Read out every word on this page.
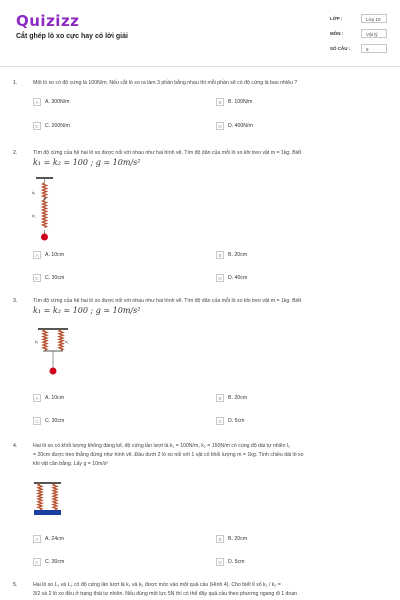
Quizizz
Cắt ghép lò xo cực hay có lời giải
LỚP :	Lớp 10
MÔN :	Vật lý
SỐ CÂU :	5
1.	Một lò xo có độ cứng là 100N/m. Nếu cắt lò xo ra làm 3 phần bằng nhau thì mỗi phần sẽ có độ cứng là bao nhiêu ?
A	A. 300N/m	B	B. 100N/m
C	C. 200N/m	D	D. 400N/m
2.	Tìm độ cứng của hệ hai lò xo được nối với nhau như hai hình vẽ. Tìm độ dãn của mỗi lò xo khi treo vật m = 1kg. Biết
k₁ = k₂ = 100 ; g = 10m/s²
k₁
k₂
A	A. 10cm	B	B. 20cm
C	C. 30cm	D	D. 40cm
3.	Tìm độ cứng của hệ hai lò xo được nối với nhau như hai hình vẽ. Tìm độ dãn của mỗi lò xo khi treo vật m = 1kg. Biết
k₁ = k₂ = 100 ; g = 10m/s²
k₁	k₂
A	A. 10cm	B	B. 20cm
C	C. 30cm	D	D. 5cm
4.	Hai lò xo có khối lượng không đáng kể, độ cứng lần lượt là k₁ = 100N/m, k₂ = 150N/m có cùng độ dài tự nhiên l₀
= 20cm được treo thẳng đứng như hình vẽ. Đầu dưới 2 lò xo nối với 1 vật có khối lượng m = 1kg. Tính chiều dài lò xo
khi vật cân bằng. Lấy g = 10m/s²
A	A. 24cm	B	B. 20cm
C	C. 30cm	D	D. 5cm
5.	Hai lò xo L₁ và L₂ có độ cứng lần lượt là k₁ và k₂ được móc vào một quả cầu (Hình 4). Cho biết tỉ số k₁ / k₂ =
3/2 và 2 lò xo đều ở trạng thái tự nhiên. Nếu dùng một lực 5N thì có thể đẩy quả cầu theo phương ngang đi 1 đoạn
